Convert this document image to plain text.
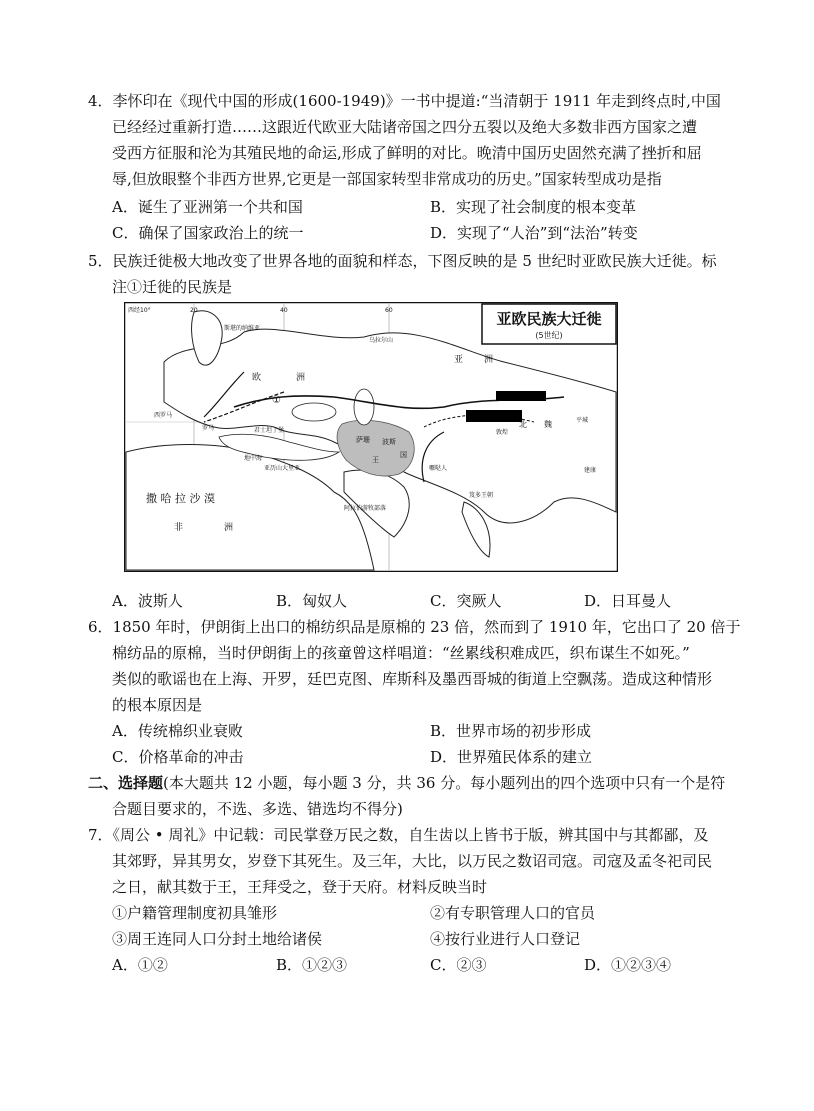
4．李怀印在《现代中国的形成(1600-1949)》一书中提道:“当清朝于 1911 年走到终点时,中国
已经经过重新打造……这跟近代欧亚大陆诸帝国之四分五裂以及绝大多数非西方国家之遭
受西方征服和沦为其殖民地的命运,形成了鲜明的对比。晚清中国历史固然充满了挫折和屈
辱,但放眼整个非西方世界,它更是一部国家转型非常成功的历史。”国家转型成功是指
A．诞生了亚洲第一个共和国	B．实现了社会制度的根本变革
C．确保了国家政治上的统一	D．实现了“人治”到“法治”转变
5．民族迁徙极大地改变了世界各地的面貌和样态，下图反映的是 5 世纪时亚欧民族大迁徙。标
注①迁徙的民族是
亚欧民族大迁徙
(5世纪)
西经10°	20	40	60
斯堪的纳维亚
乌拉尔山
欧	洲
亚 洲
君士坦丁堡
西罗马
罗马
萨珊 波斯
王
国
地中海
亚历山大里亚
撒 哈 拉 沙 漠
非	洲
阿拉伯游牧部落
笈多王朝
嚈哒人
北 魏	平城
建康
敦煌
①
A．波斯人	B．匈奴人	C．突厥人	D．日耳曼人
6．1850 年时，伊朗街上出口的棉纺织品是原棉的 23 倍，然而到了 1910 年，它出口了 20 倍于
棉纺品的原棉，当时伊朗街上的孩童曾这样唱道：“丝累线积难成匹，织布谋生不如死。”
类似的歌谣也在上海、开罗，廷巴克图、库斯科及墨西哥城的街道上空飘荡。造成这种情形
的根本原因是
A．传统棉织业衰败	B．世界市场的初步形成
C．价格革命的冲击	D．世界殖民体系的建立
二、选择题(本大题共 12 小题，每小题 3 分，共 36 分。每小题列出的四个选项中只有一个是符
合题目要求的，不选、多选、错选均不得分)
7．《周公 • 周礼》中记载：司民掌登万民之数，自生齿以上皆书于版，辨其国中与其都鄙，及
其郊野，异其男女，岁登下其死生。及三年，大比，以万民之数诏司寇。司寇及孟冬祀司民
之日，献其数于王，王拜受之，登于天府。材料反映当时
①户籍管理制度初具雏形	②有专职管理人口的官员
③周王连同人口分封土地给诸侯	④按行业进行人口登记
A．①②	B．①②③	C．②③	D．①②③④
